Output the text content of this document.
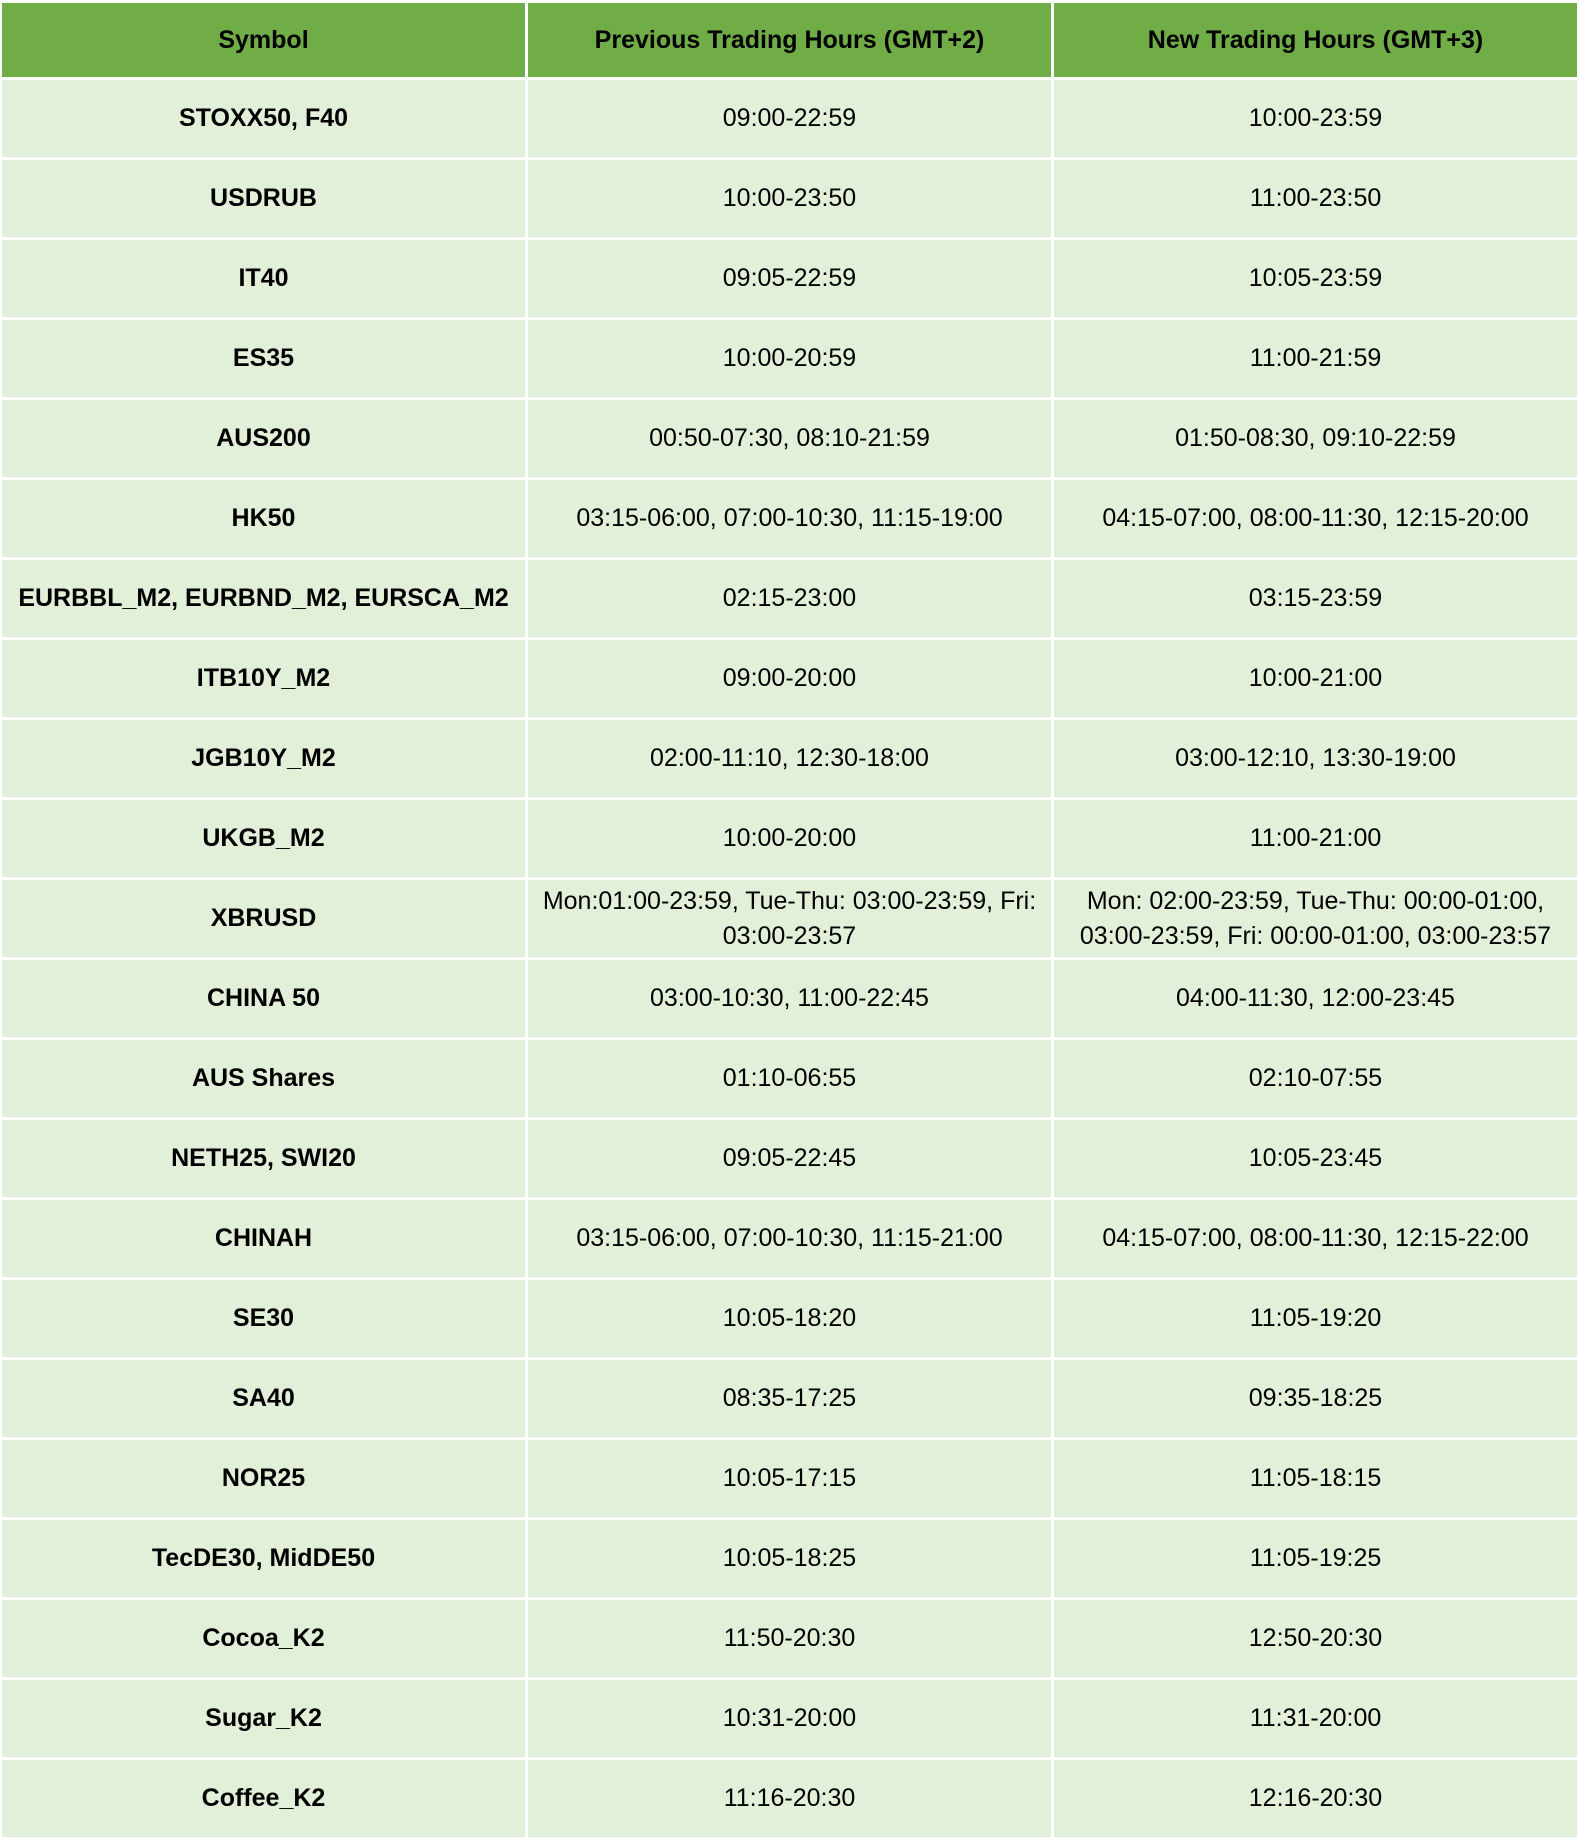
Symbol	Previous Trading Hours (GMT+2)	New Trading Hours (GMT+3)
STOXX50, F40	09:00-22:59	10:00-23:59
USDRUB	10:00-23:50	11:00-23:50
IT40	09:05-22:59	10:05-23:59
ES35	10:00-20:59	11:00-21:59
AUS200	00:50-07:30, 08:10-21:59	01:50-08:30, 09:10-22:59
HK50	03:15-06:00, 07:00-10:30, 11:15-19:00	04:15-07:00, 08:00-11:30, 12:15-20:00
EURBBL_M2, EURBND_M2, EURSCA_M2	02:15-23:00	03:15-23:59
ITB10Y_M2	09:00-20:00	10:00-21:00
JGB10Y_M2	02:00-11:10, 12:30-18:00	03:00-12:10, 13:30-19:00
UKGB_M2	10:00-20:00	11:00-21:00
XBRUSD	Mon:01:00-23:59, Tue-Thu: 03:00-23:59, Fri: 03:00-23:57	Mon: 02:00-23:59, Tue-Thu: 00:00-01:00, 03:00-23:59, Fri: 00:00-01:00, 03:00-23:57
CHINA 50	03:00-10:30, 11:00-22:45	04:00-11:30, 12:00-23:45
AUS Shares	01:10-06:55	02:10-07:55
NETH25, SWI20	09:05-22:45	10:05-23:45
CHINAH	03:15-06:00, 07:00-10:30, 11:15-21:00	04:15-07:00, 08:00-11:30, 12:15-22:00
SE30	10:05-18:20	11:05-19:20
SA40	08:35-17:25	09:35-18:25
NOR25	10:05-17:15	11:05-18:15
TecDE30, MidDE50	10:05-18:25	11:05-19:25
Cocoa_K2	11:50-20:30	12:50-20:30
Sugar_K2	10:31-20:00	11:31-20:00
Coffee_K2	11:16-20:30	12:16-20:30
